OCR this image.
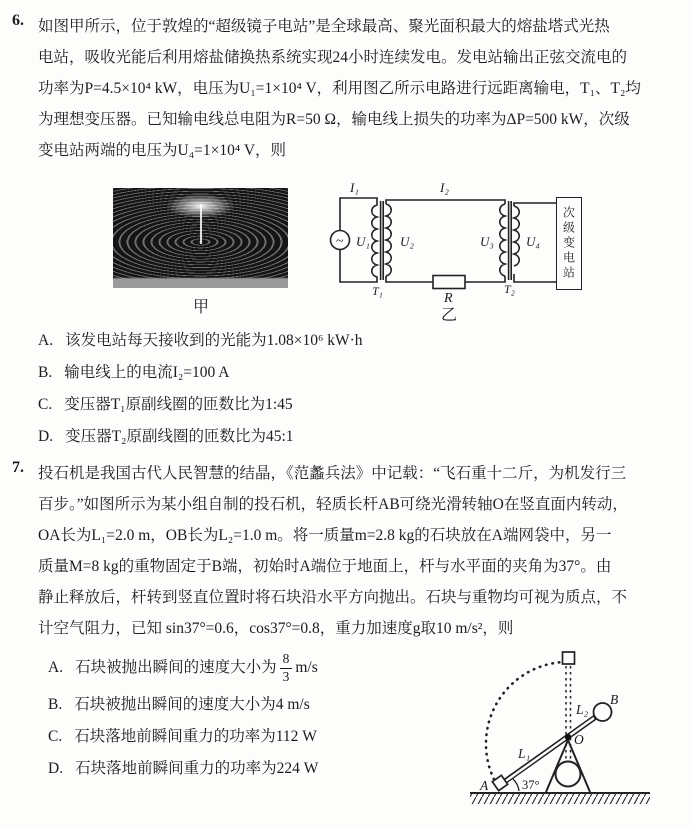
6. 如图甲所示，位于敦煌的“超级镜子电站”是全球最高、聚光面积最大的熔盐塔式光热
电站，吸收光能后利用熔盐储换热系统实现24小时连续发电。发电站输出正弦交流电的
功率为P=4.5×10⁴ kW，电压为U₁=1×10⁴ V，利用图乙所示电路进行远距离输电，T₁、T₂均
为理想变压器。已知输电线总电阻为R=50 Ω，输电线上损失的功率为ΔP=500 kW，次级
变电站两端的电压为U₄=1×10⁴ V，则
甲
~
I₁	I₂
U₁ U₂	U₃ U₄
T₁	T₂
R
次级变电站
乙
A. 该发电站每天接收到的光能为1.08×10⁶ kW·h
B. 输电线上的电流I₂=100 A
C. 变压器T₁原副线圈的匝数比为1:45
D. 变压器T₂原副线圈的匝数比为45:1
7. 投石机是我国古代人民智慧的结晶，《范蠡兵法》中记载：“飞石重十二斤，为机发行三
百步。”如图所示为某小组自制的投石机，轻质长杆AB可绕光滑转轴O在竖直面内转动，
OA长为L₁=2.0 m，OB长为L₂=1.0 m。将一质量m=2.8 kg的石块放在A端网袋中，另一
质量M=8 kg的重物固定于B端，初始时A端位于地面上，杆与水平面的夹角为37°。由
静止释放后，杆转到竖直位置时将石块沿水平方向抛出。石块与重物均可视为质点，不
计空气阻力，已知 sin37°=0.6，cos37°=0.8，重力加速度g取10 m/s²，则
A. 石块被抛出瞬间的速度大小为 $\frac{8}{3} m/s$
B. 石块被抛出瞬间的速度大小为4 m/s
C. 石块落地前瞬间重力的功率为112 W
D. 石块落地前瞬间重力的功率为224 W
A
B
O
L₁
L₂
37°
